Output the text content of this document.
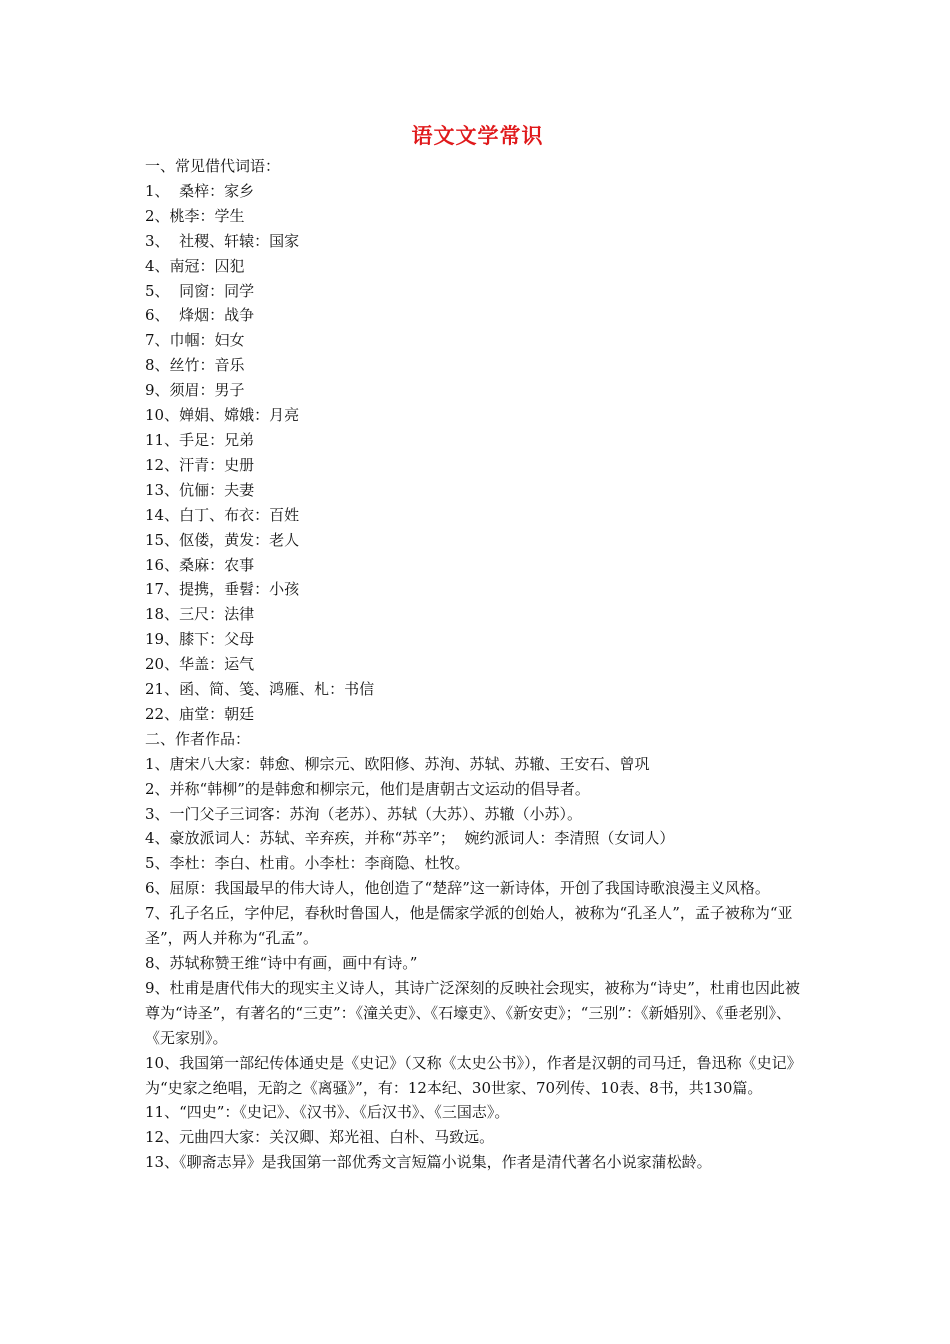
语文文学常识
一、常见借代词语：

1、  桑梓：家乡

2、桃李：学生

3、  社稷、轩辕：国家

4、南冠：囚犯

5、  同窗：同学

6、  烽烟：战争

7、巾帼：妇女

8、丝竹：音乐

9、须眉：男子

10、婵娟、嫦娥：月亮

11、手足：兄弟

12、汗青：史册

13、伉俪：夫妻

14、白丁、布衣：百姓

15、伛偻，黄发：老人

16、桑麻：农事

17、提携，垂髫：小孩

18、三尺：法律

19、膝下：父母

20、华盖：运气

21、函、简、笺、鸿雁、札：书信

22、庙堂：朝廷

二、作者作品：

1、唐宋八大家：韩愈、柳宗元、欧阳修、苏洵、苏轼、苏辙、王安石、曾巩

2、并称“韩柳”的是韩愈和柳宗元，他们是唐朝古文运动的倡导者。

3、一门父子三词客：苏洵（老苏）、苏轼（大苏）、苏辙（小苏）。

4、豪放派词人：苏轼、辛弃疾，并称“苏辛”；  婉约派词人：李清照（女词人）

5、李杜：李白、杜甫。小李杜：李商隐、杜牧。

6、屈原：我国最早的伟大诗人，他创造了“楚辞”这一新诗体，开创了我国诗歌浪漫主义风格。

7、孔子名丘，字仲尼，春秋时鲁国人，他是儒家学派的创始人，被称为“孔圣人”，孟子被称为“亚圣”，两人并称为“孔孟”。

8、苏轼称赞王维“诗中有画，画中有诗。”

9、杜甫是唐代伟大的现实主义诗人，其诗广泛深刻的反映社会现实，被称为“诗史”，杜甫也因此被尊为“诗圣”，有著名的“三吏”：《潼关吏》、《石壕吏》、《新安吏》；“三别”：《新婚别》、《垂老别》、《无家别》。

10、我国第一部纪传体通史是《史记》（又称《太史公书》），作者是汉朝的司马迁，鲁迅称《史记》为“史家之绝唱，无韵之《离骚》”，有：12本纪、30世家、70列传、10表、8书，共130篇。

11、“四史”：《史记》、《汉书》、《后汉书》、《三国志》。

12、元曲四大家：关汉卿、郑光祖、白朴、马致远。

13、《聊斋志异》是我国第一部优秀文言短篇小说集，作者是清代著名小说家蒲松龄。
